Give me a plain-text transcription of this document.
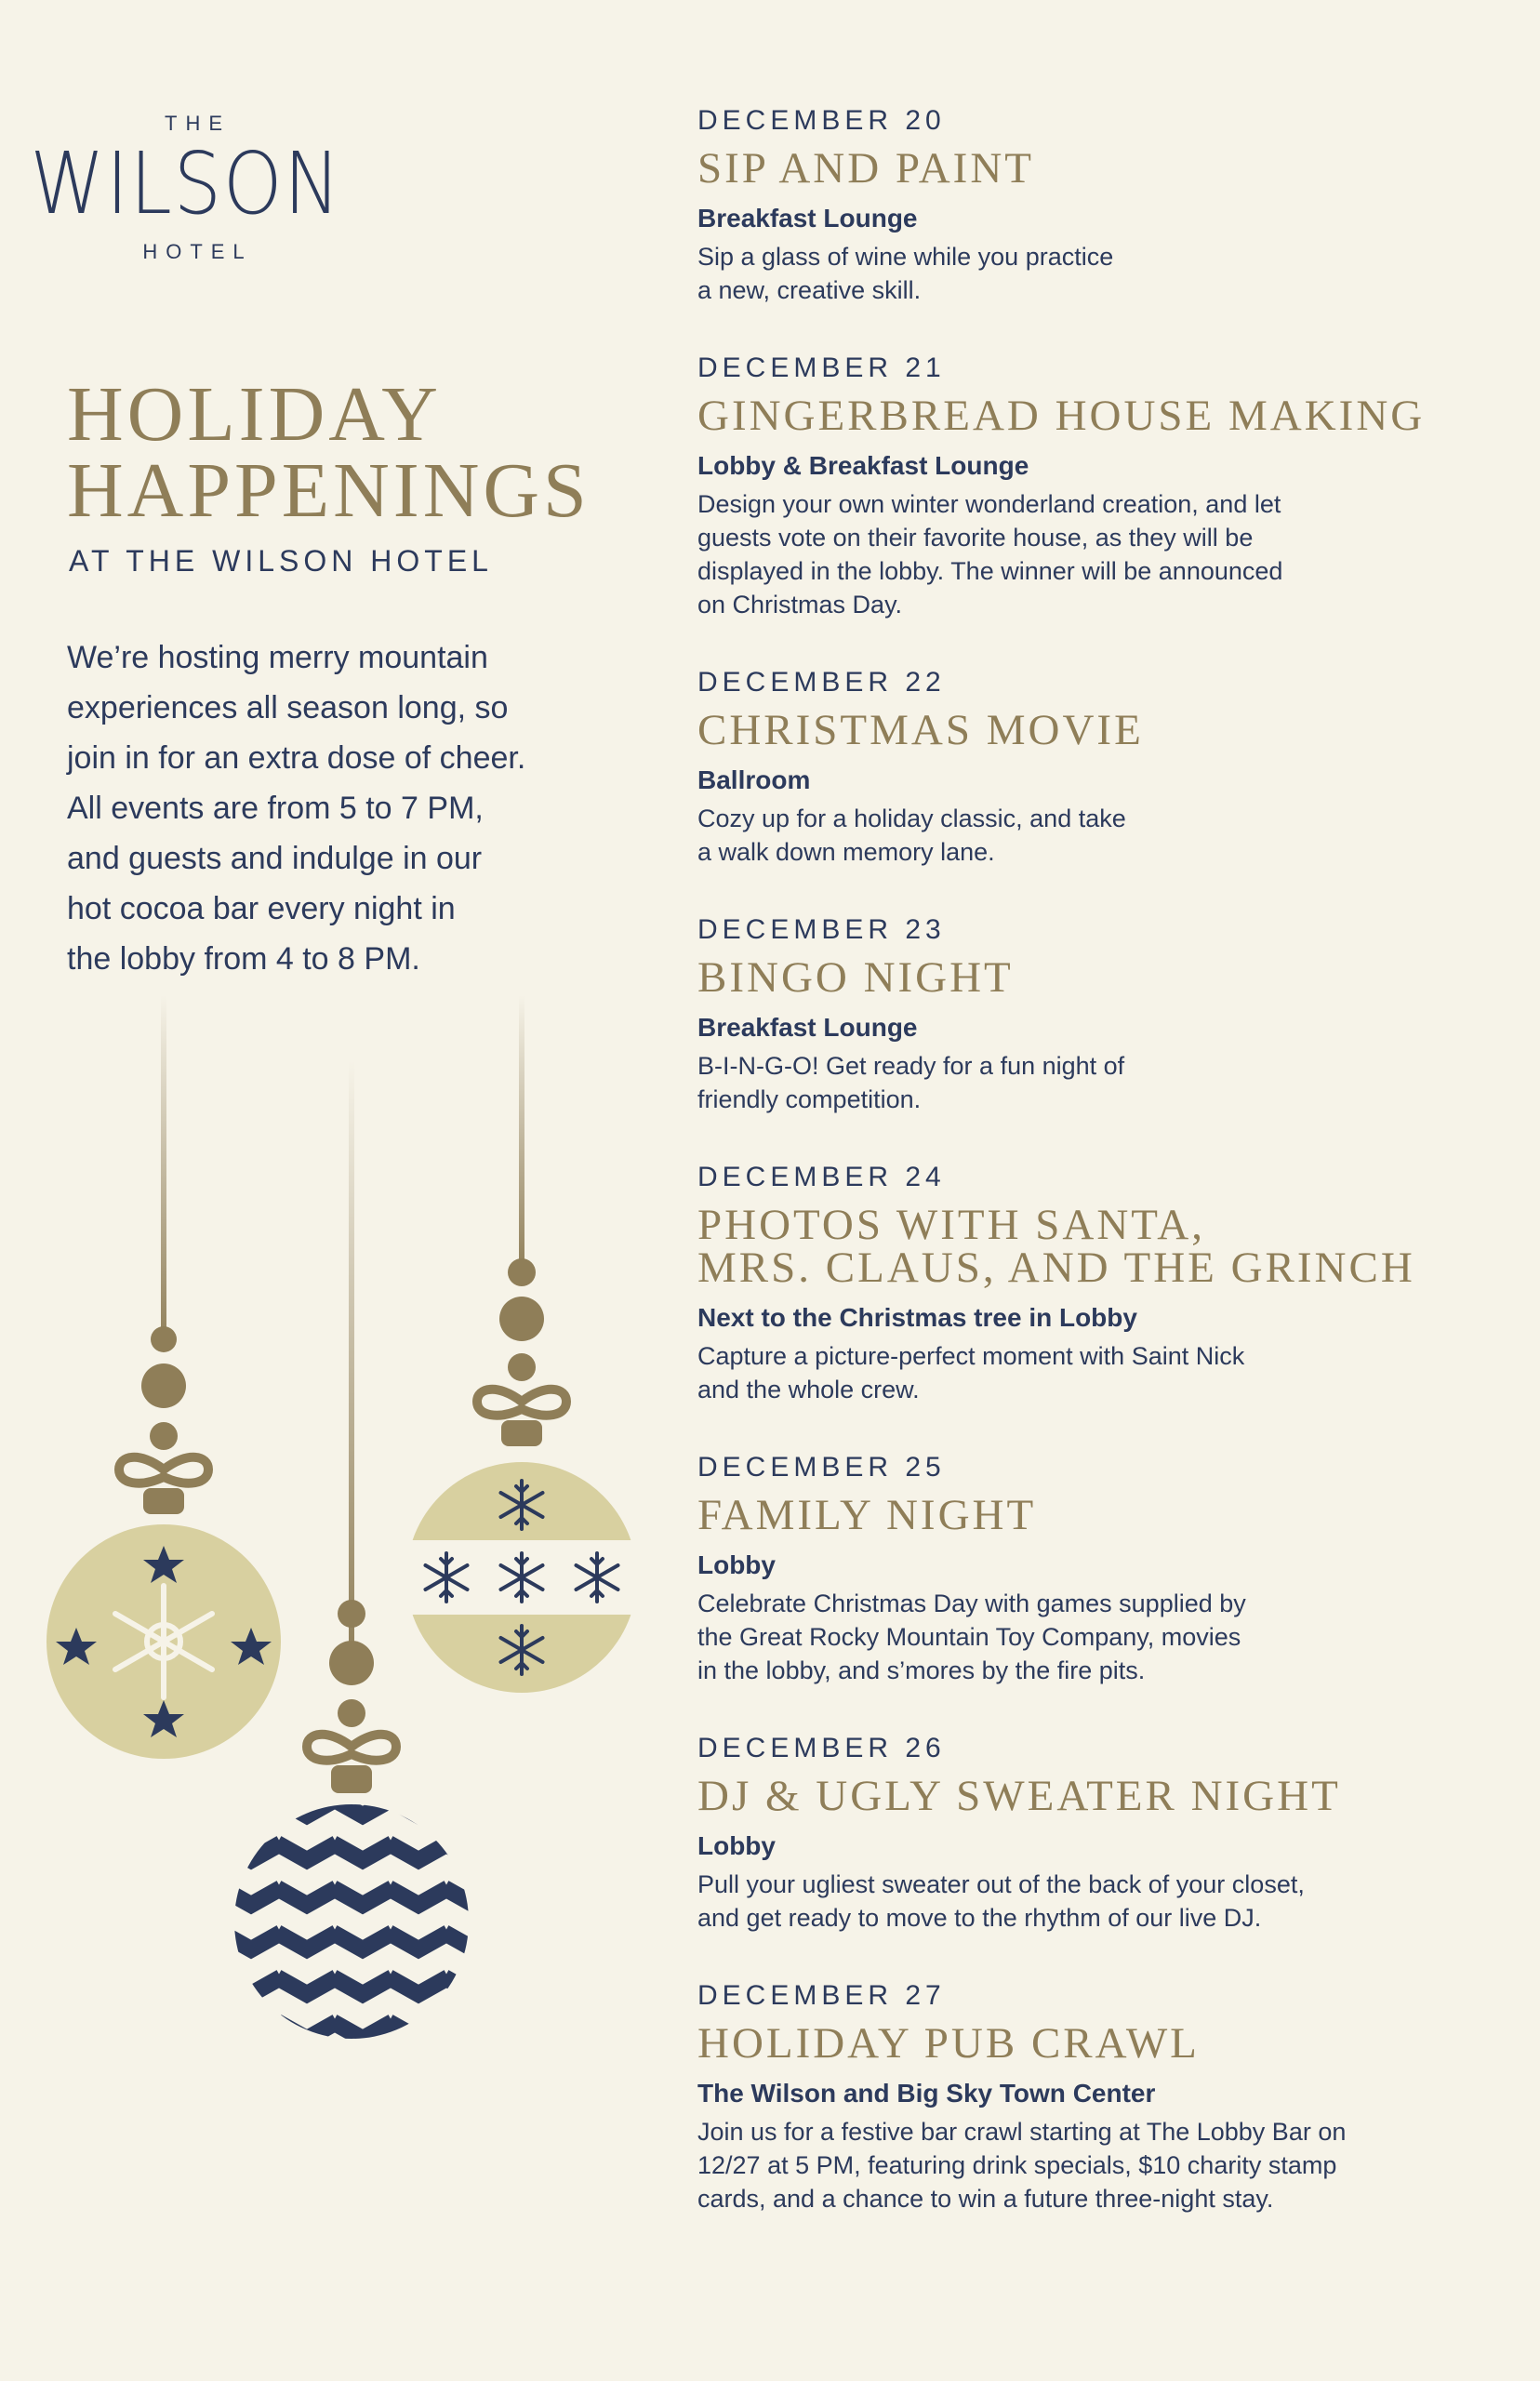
THE
WILSON
HOTEL
HOLIDAY
HAPPENINGS
AT THE WILSON HOTEL
We’re hosting merry mountain
experiences all season long, so
join in for an extra dose of cheer.
All events are from 5 to 7 PM,
and guests and indulge in our
hot cocoa bar every night in
the lobby from 4 to 8 PM.
DECEMBER 20
SIP AND PAINT
Breakfast Lounge
Sip a glass of wine while you practice
a new, creative skill.
DECEMBER 21
GINGERBREAD HOUSE MAKING
Lobby & Breakfast Lounge
Design your own winter wonderland creation, and let
guests vote on their favorite house, as they will be
displayed in the lobby. The winner will be announced
on Christmas Day.
DECEMBER 22
CHRISTMAS MOVIE
Ballroom
Cozy up for a holiday classic, and take
a walk down memory lane.
DECEMBER 23
BINGO NIGHT
Breakfast Lounge
B-I-N-G-O! Get ready for a fun night of
friendly competition.
DECEMBER 24
PHOTOS WITH SANTA,
MRS. CLAUS, AND THE GRINCH
Next to the Christmas tree in Lobby
Capture a picture-perfect moment with Saint Nick
and the whole crew.
DECEMBER 25
FAMILY NIGHT
Lobby
Celebrate Christmas Day with games supplied by
the Great Rocky Mountain Toy Company, movies
in the lobby, and s’mores by the fire pits.
DECEMBER 26
DJ & UGLY SWEATER NIGHT
Lobby
Pull your ugliest sweater out of the back of your closet,
and get ready to move to the rhythm of our live DJ.
DECEMBER 27
HOLIDAY PUB CRAWL
The Wilson and Big Sky Town Center
Join us for a festive bar crawl starting at The Lobby Bar on
12/27 at 5 PM, featuring drink specials, $10 charity stamp
cards, and a chance to win a future three-night stay.
